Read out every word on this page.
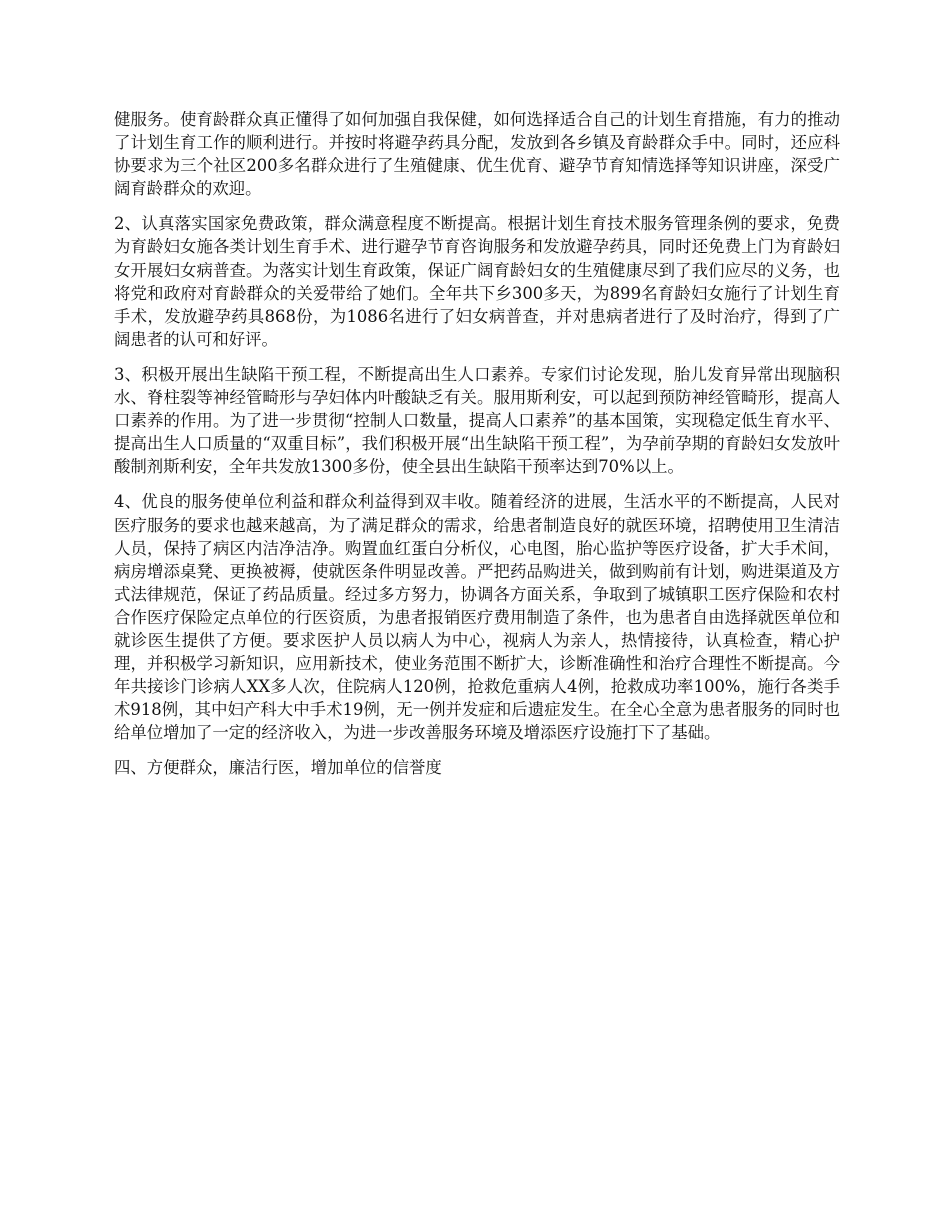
健服务。使育龄群众真正懂得了如何加强自我保健，如何选择适合自己的计划生育措施，有力的推动了计划生育工作的顺利进行。并按时将避孕药具分配，发放到各乡镇及育龄群众手中。同时，还应科协要求为三个社区200多名群众进行了生殖健康、优生优育、避孕节育知情选择等知识讲座，深受广阔育龄群众的欢迎。

2、认真落实国家免费政策，群众满意程度不断提高。根据计划生育技术服务管理条例的要求，免费为育龄妇女施各类计划生育手术、进行避孕节育咨询服务和发放避孕药具，同时还免费上门为育龄妇女开展妇女病普查。为落实计划生育政策，保证广阔育龄妇女的生殖健康尽到了我们应尽的义务，也将党和政府对育龄群众的关爱带给了她们。全年共下乡300多天，为899名育龄妇女施行了计划生育手术，发放避孕药具868份，为1086名进行了妇女病普查，并对患病者进行了及时治疗，得到了广阔患者的认可和好评。

3、积极开展出生缺陷干预工程，不断提高出生人口素养。专家们讨论发现，胎儿发育异常出现脑积水、脊柱裂等神经管畸形与孕妇体内叶酸缺乏有关。服用斯利安，可以起到预防神经管畸形，提高人口素养的作用。为了进一步贯彻“控制人口数量，提高人口素养”的基本国策，实现稳定低生育水平、提高出生人口质量的“双重目标”，我们积极开展“出生缺陷干预工程”，为孕前孕期的育龄妇女发放叶酸制剂斯利安，全年共发放1300多份，使全县出生缺陷干预率达到70%以上。

4、优良的服务使单位利益和群众利益得到双丰收。随着经济的进展，生活水平的不断提高，人民对医疗服务的要求也越来越高，为了满足群众的需求，给患者制造良好的就医环境，招聘使用卫生清洁人员，保持了病区内洁净洁净。购置血红蛋白分析仪，心电图，胎心监护等医疗设备，扩大手术间，病房增添桌凳、更换被褥，使就医条件明显改善。严把药品购进关，做到购前有计划，购进渠道及方式法律规范，保证了药品质量。经过多方努力，协调各方面关系，争取到了城镇职工医疗保险和农村合作医疗保险定点单位的行医资质，为患者报销医疗费用制造了条件，也为患者自由选择就医单位和就诊医生提供了方便。要求医护人员以病人为中心，视病人为亲人，热情接待，认真检查，精心护理，并积极学习新知识，应用新技术，使业务范围不断扩大，诊断准确性和治疗合理性不断提高。今年共接诊门诊病人XX多人次，住院病人120例，抢救危重病人4例，抢救成功率100%，施行各类手术918例，其中妇产科大中手术19例，无一例并发症和后遗症发生。在全心全意为患者服务的同时也给单位增加了一定的经济收入，为进一步改善服务环境及增添医疗设施打下了基础。

四、方便群众，廉洁行医，增加单位的信誉度
